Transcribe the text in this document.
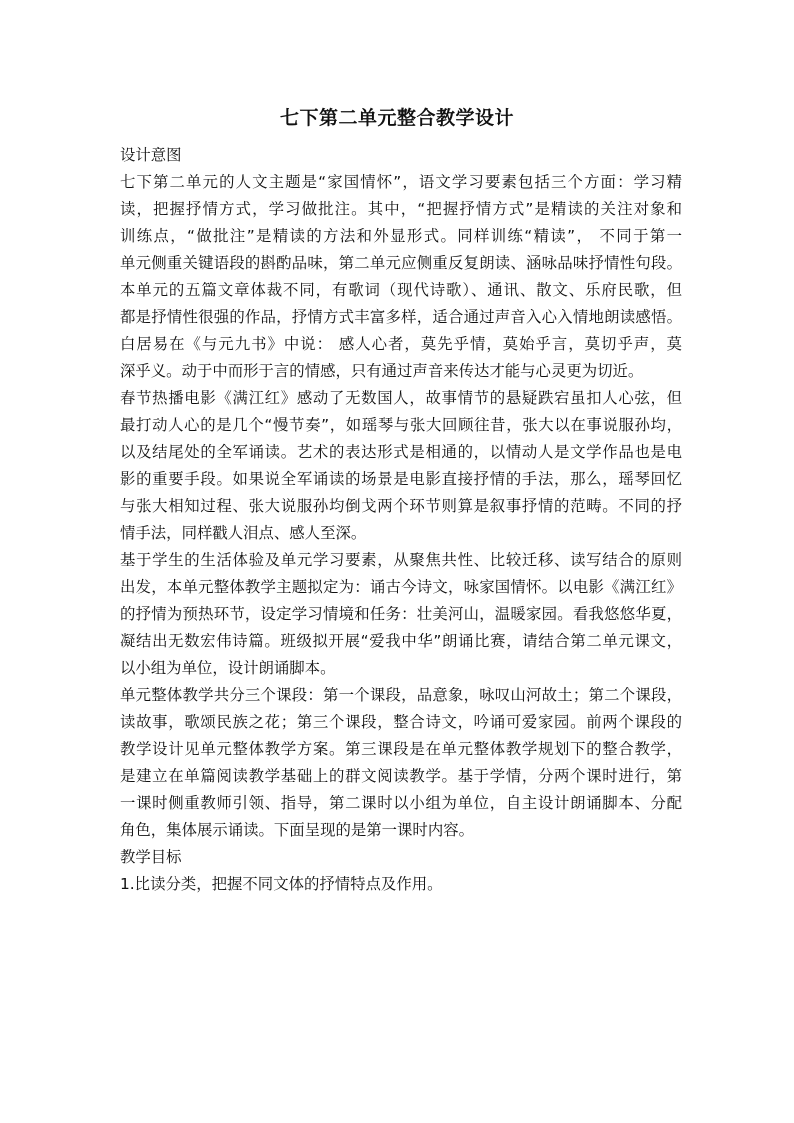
七下第二单元整合教学设计
设计意图
七下第二单元的人文主题是“家国情怀”，语文学习要素包括三个方面：学习精
读，把握抒情方式，学习做批注。其中，“把握抒情方式”是精读的关注对象和
训练点，“做批注”是精读的方法和外显形式。同样训练“精读”， 不同于第一
单元侧重关键语段的斟酌品味，第二单元应侧重反复朗读、涵咏品味抒情性句段。
本单元的五篇文章体裁不同，有歌词（现代诗歌）、通讯、散文、乐府民歌，但
都是抒情性很强的作品，抒情方式丰富多样，适合通过声音入心入情地朗读感悟。
白居易在《与元九书》中说： 感人心者，莫先乎情，莫始乎言，莫切乎声，莫
深乎义。动于中而形于言的情感，只有通过声音来传达才能与心灵更为切近。
春节热播电影《满江红》感动了无数国人，故事情节的悬疑跌宕虽扣人心弦，但
最打动人心的是几个“慢节奏”，如瑶琴与张大回顾往昔，张大以在事说服孙均，
以及结尾处的全军诵读。艺术的表达形式是相通的，以情动人是文学作品也是电
影的重要手段。如果说全军诵读的场景是电影直接抒情的手法，那么，瑶琴回忆
与张大相知过程、张大说服孙均倒戈两个环节则算是叙事抒情的范畴。不同的抒
情手法，同样戳人泪点、感人至深。
基于学生的生活体验及单元学习要素，从聚焦共性、比较迁移、读写结合的原则
出发，本单元整体教学主题拟定为：诵古今诗文，咏家国情怀。以电影《满江红》
的抒情为预热环节，设定学习情境和任务：壮美河山，温暖家园。看我悠悠华夏，
凝结出无数宏伟诗篇。班级拟开展“爱我中华”朗诵比赛，请结合第二单元课文，
以小组为单位，设计朗诵脚本。
单元整体教学共分三个课段：第一个课段，品意象，咏叹山河故土；第二个课段，
读故事，歌颂民族之花；第三个课段，整合诗文，吟诵可爱家园。前两个课段的
教学设计见单元整体教学方案。第三课段是在单元整体教学规划下的整合教学，
是建立在单篇阅读教学基础上的群文阅读教学。基于学情，分两个课时进行，第
一课时侧重教师引领、指导，第二课时以小组为单位，自主设计朗诵脚本、分配
角色，集体展示诵读。下面呈现的是第一课时内容。
教学目标
1.比读分类，把握不同文体的抒情特点及作用。
